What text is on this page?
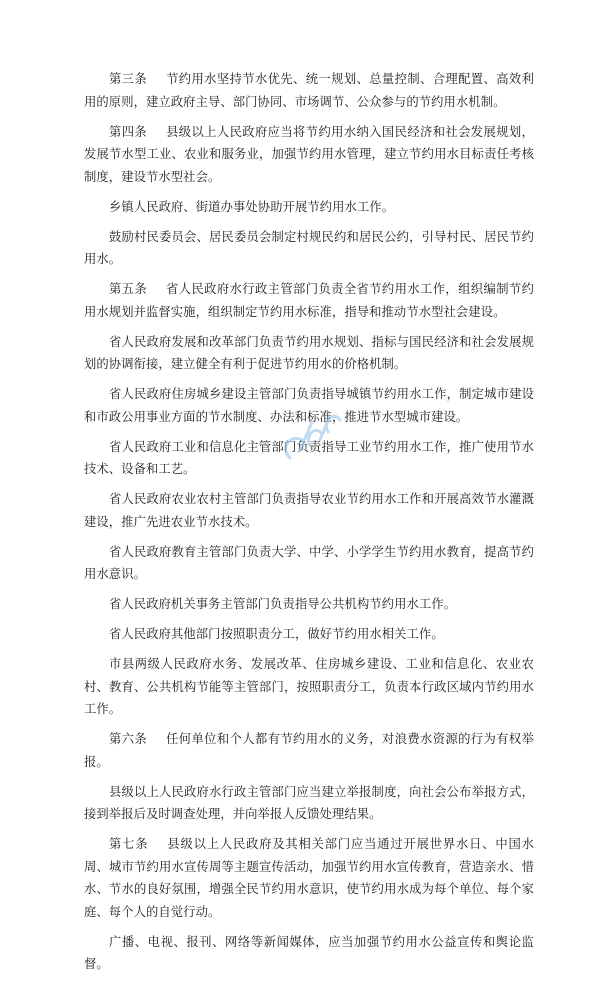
第三条 节约用水坚持节水优先、统一规划、总量控制、合理配置、高效利用的原则，建立政府主导、部门协同、市场调节、公众参与的节约用水机制。

第四条 县级以上人民政府应当将节约用水纳入国民经济和社会发展规划，发展节水型工业、农业和服务业，加强节约用水管理，建立节约用水目标责任考核制度，建设节水型社会。

乡镇人民政府、街道办事处协助开展节约用水工作。

鼓励村民委员会、居民委员会制定村规民约和居民公约，引导村民、居民节约用水。

第五条 省人民政府水行政主管部门负责全省节约用水工作，组织编制节约用水规划并监督实施，组织制定节约用水标准，指导和推动节水型社会建设。

省人民政府发展和改革部门负责节约用水规划、指标与国民经济和社会发展规划的协调衔接，建立健全有利于促进节约用水的价格机制。

省人民政府住房城乡建设主管部门负责指导城镇节约用水工作，制定城市建设和市政公用事业方面的节水制度、办法和标准，推进节水型城市建设。

省人民政府工业和信息化主管部门负责指导工业节约用水工作，推广使用节水技术、设备和工艺。

省人民政府农业农村主管部门负责指导农业节约用水工作和开展高效节水灌溉建设，推广先进农业节水技术。

省人民政府教育主管部门负责大学、中学、小学学生节约用水教育，提高节约用水意识。

省人民政府机关事务主管部门负责指导公共机构节约用水工作。

省人民政府其他部门按照职责分工，做好节约用水相关工作。

市县两级人民政府水务、发展改革、住房城乡建设、工业和信息化、农业农村、教育、公共机构节能等主管部门，按照职责分工，负责本行政区域内节约用水工作。

第六条 任何单位和个人都有节约用水的义务，对浪费水资源的行为有权举报。

县级以上人民政府水行政主管部门应当建立举报制度，向社会公布举报方式，接到举报后及时调查处理，并向举报人反馈处理结果。

第七条 县级以上人民政府及其相关部门应当通过开展世界水日、中国水周、城市节约用水宣传周等主题宣传活动，加强节约用水宣传教育，营造亲水、惜水、节水的良好氛围，增强全民节约用水意识，使节约用水成为每个单位、每个家庭、每个人的自觉行动。

广播、电视、报刊、网络等新闻媒体，应当加强节约用水公益宣传和舆论监督。
